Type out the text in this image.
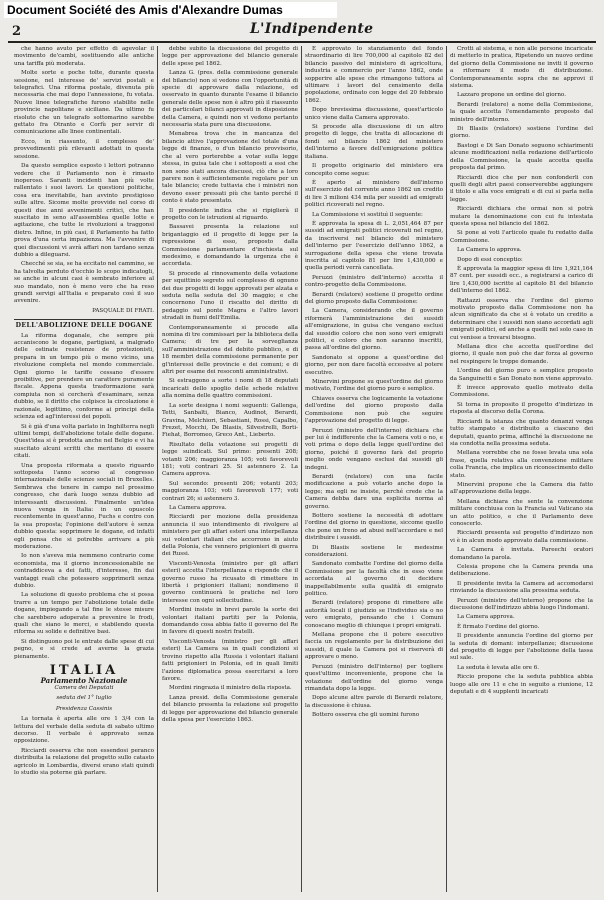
Document Société des Amis d'Alexandre Dumas
2	L'Indipendente

che hanno avuto per effetto di agevolar il movimento de'cambi, sostituendo alle antiche una tariffa più moderata.

Molte sorte e poche tolte, durante questa sessione, nel interesse de' servizi postali e telegrafici. Una riforma postale, divenuta più necessaria che mai dopo l'annessione, fu votata. Nuove linee telegrafiche furono stabilite nelle provincie napolitane e siciliane. Da ultimo fu risoluto che un telegrafo sottomarino sarebbe gettato fra Otranto e Corfù per servir di comunicazione alle linee continentali.

Ecco, in riassunto, il complesso de' provvedimenti più rilevanti adottati in questa sessione.

Da questo semplice esposto i lettori potranno vedere che il Parlamento non è rimasto inoperoso. Saranti incidenti han più volte rallentato i suoi lavori. Le questioni politiche, cosa era inevitabile, han avvinto prestigioso sulle altre. Sicome molte provvide nel corso di questi due anni avvenimenti critici, che han suscitato in seno all'assemblea quelle lotte e agitazione, che tutte le rivoluzioni a traggonsi dietro. Infine, in più casi, il Parlamento ha fatto prova d'una certa impazienza. Ma l'avvenire di quei discussioni vi avrà affari non tardano senza dubbio a dileguarsi.

Checché se sia, se ha eccitato nel cammino, se ha talvolta perduto d'occhio lo scopo indicatogli, se anche in alcuni casi è sembrato inferiore al suo mandato, non è meno vero che ha reso grandi servigi all'Italia e preparato così il suo avvenire.

PASQUALE DI FRATI.
DELL'ABOLIZIONE DELLE DOGANE

La riforma doganale, che sempre più accaniscono le dogane, partigiani, a malgrado delle ostinate resistenze de protezionisti, prepara in un tempo più o meno vicino, una rivoluzione completa nel mondo commerciale. Ogni giorno le tariffe cessano d'essere proibitive, per prendere un carattere puramente fiscale. Appena questa trasformazione sarà compiuta non si cercherà d'esaminare, senza dubbio, se il diritto che colpisce la circolazione è razionale, legittimo, conforme ai principi della scienza ed agl'interessi dei popoli.

Si è già d'una volta parlato in Inghilterra negli ultimi tempi, dell'abolizione totale delle dogane. Quest'idea si è prodotta anche nel Belgio e vi ha suscitato alcuni scritti che meritano di essere citati.

Una proposta riformata a questo riguardo sottoposta l'anno scorso al congresso internazionale delle scienze sociali in Bruxelles. Sembrava che tenere in campo nel prossimo congresso, che darà luogo senza dubbio ad interessanti discussioni. Finalmente un'idea nuova venga in Italia: in un opuscolo recentemente in quest'anno, Fuchs e contro con la sua proposta; l'opinione dell'autore è senza dubbio questa: sopprimere le dogane, ed infatti egli pensa che si potrebbe arrivare a più moderazione.

Io non s'aveva mia nemmeno contrario come economista, ma il giorno inconcessionabile ne contraddiceva a dei fatti, d'interesse, fin dai vantaggi reali che potessero sopprimerli senza dubbio.

La soluzione di questo problema che si possa trarre a un tempo per l'abolizione totale delle dogane, impiegando a tal fine le stesse misure che sarebbero adoperate a prevenire le frodi, quali che siano le merci, e stabilendo questa riforma su solide e definitive basi.

Si distinguono poi le entrate dalle spese di cui pegno, e si crede ad averne la grazia pienamente.

ITALIA
Parlamento Nazionale
Camera dei Deputati
seduta del 1° luglio
Presidenza Cassinis

La tornata è aperta alle ore 1 3/4 con la lettura del verbale della seduta di sabato ultimo decorso. Il verbale è approvato senza opposizione.

Ricciardi osserva che non essendosi peranco distribuita la relazione del progetto sullo catasto agricolo in Lombardia, diversi erano stati quindi lo studio sia poterne già parlare.

debbe subito la discussione del progetto di legge per approvazione del bilancio generale delle spese pel 1862.

Lanza G. (pres. della commissione generale del bilancio) non si vedono con l'opportunità di specie di approvare dalla relazione, ed osservato in quanto durante l'esame il bilancio generale delle spese non è altro più il riassunto dei particolari bilanci approvati in disposizione della Camera, e quindi non vi vedono pertanto necessaria stata pure una discussione.

Menabrea trova che in mancanza del bilancio attivo l'approvazione del totale d'una legge di finanze, o d'un bilancio provvisorio, che al vero porterebbe a votar sulla legge stessa, in guisa tale che i sottoposti a essi che non sono stati ancora discussi, ciò che a loro parere non è sufficientemente regolare per un tale bilancio; crede tuttavia che i ministri non devono esser pressati più che tanto perché il conto è stato presentato.

Il presidente indica che si ripiglierà il progetto con le istruzioni al riguardo.

Bassavei presenta la relazione sul brigantaggio ed il progetto di legge per la repressione di esso, proposto dalla Commissione parlamentare d'inchiesta sul medesimo, e domandando la urgenza che è accordata.

Si procede al rinnovamento della votazione per squittinio segreto sul complesso di ognuno dei due progetti di legge approvati per alzata e seduta nella seduta del 30 maggio; e che concernono l'uno il riscatto del diritto di pedaggio sul ponte Magra e l'altro lavori stradali in fiumi dell'Emilia.

Contemporaneamente si procede alla nomina di tre commissari per la biblioteca della Camera; di tre per la sorveglianza sull'amministrazione del debito pubblico, e di 18 membri della commissione permanente per gl'interessi delle provincie e dei comuni; e di altri per esame dei resoconti amministrativi.

Si estraggono a sorte i nomi di 18 deputati incaricati dello spoglio delle schede relative alla nomina delle quattro commissioni.

La sorte designa i nomi seguenti: Gallenga, Tetti, Sanbalti, Bianco, Audinot, Berardi, Gravina, Melchiori, Sebastiani, Rossi, Capalbo, Frezet, Mocchi, De Blasiis, Silvestrelli, Borti-Fiehat, Borromeo, Greco Ant., Lieberto.

Risultato della votazione sui progetti di legge suindicati. Sul primo: presenti 208; votanti 206; maggioranza 105; voti favorevoli 181; voti contrari 25. Si astennero 2. La Camera approva.

Sul secondo: presenti 206; votanti 203; maggioranza 103; voti favorevoli 177; voti contrari 26; si astennero 3.

La Camera approva.

Ricciardi per mozione della presidenza annuncia il suo intendimento di rivolgere al ministero per gli affari esteri una interpellanza sui volontari italiani che accorrono in aiuto della Polonia, che vennero prigionieri di guerra dei Russi.

Visconti-Venosta (ministro per gli affari esteri) accetta l'interpellanza e risponde che il governo russo ha ricusato di rimettere in libertà i prigionieri italiani; nondimeno il governo continuerà le pratiche nel loro interesse con ogni sollecitudine.

Mordini insiste in brevi parole la sorte dei volontari italiani partiti per la Polonia, domandando cosa abbia fatto il governo del Re in favore di questi nostri fratelli.

Visconti-Venosta (ministro per gli affari esteri) La Camera sa in quali condizioni si trovino rispetto alla Russia i volontari italiani fatti prigionieri in Polonia, ed in quali limiti l'azione diplomatica possa esercitarsi a loro favore.

Mordini ringrazia il ministro della risposta.

Lanza presid. della Commissione generale del bilancio presenta la relazione sul progetto di legge per approvazione del bilancio generale della spesa per l'esercizio 1863.

È approvato lo stanziamento del fondo straordinario di lire 700,000 al capitolo 82 del bilancio passivo del ministero di agricoltura, industria e commercio per l'anno 1862, onde sopperire alle spese che rimangono tuttora al ultimare i lavori del censimento della popolazione, ordinato con legge del 20 febbraio 1862.

Dopo brevissima discussione, quest'articolo unico viene dalla Camera approvato.

Si procede alla discussione di un altro progetto di legge, che tratta di allocazione di fondi sul bilancio 1862 del ministero dell'interno a favore dell'emigrazione politica italiana.

Il progetto originario del ministero era concepito come segue:

È aperto al ministero dell'interno sull'esercizio del corrente anno 1862 un credito di lire 3 milioni 434 mila per sussidi ad emigrati politici ricoverati nel regno.

La Commissione vi sostituì il seguente:

È approvata la spesa di L. 2,051,464 87 per sussidi ad emigrati politici ricoverati nel regno, da inscriversi nel bilancio del ministero dell'interno per l'esercizio dell'anno 1862, a surrogazione della spesa che viene trovata inscritta al capitolo 81 per lire 1,430,000 e quella periodi verrà cancellata.

Peruzzi (ministro dell'interno) accetta il contro-progetto della Commissione.

Berardi (relatore) sostiene il progetto ordine del giorno proposto dalla Commissione:

La Camera, considerando che il governo riformerà l'amministrazione dei sussidi all'emigrazione, in guisa che vengano esclusi dal sussidio coloro che non sono veri emigrati politici, e coloro che non saranno inscritti, passa all'ordine del giorno.

Sandonato si oppone a quest'ordine del giorno, per non dare facoltà eccessive al potere esecutivo.

Minervini propone su quest'ordine del giorno motivato, l'ordine del giorno puro e semplice.

Chiaves osserva che logicamente la votazione dell'ordine del giorno proposto dalla Commissione non può che seguire l'approvazione del progetto di legge.

Peruzzi (ministro dell'interno) dichiara che per lui è indifferente che la Camera voti o no, e voti prima o dopo della legge quell'ordine del giorno, poiché il governo farà del proprio meglio onde vengano esclusi dai sussidi gli indegni.

Berardi (relatore) con una facile modificazione a può votarlo anche dopo la legge; ma egli ne insiste, perché crede che la Camera debba dare una esplicita norma al governo.

Bottero sostiene la necessità di adottare l'ordine del giorno in questione, siccome quello che pone un freno ad abusi nell'accordare e nel distribuire i sussidi.

Di Blasiis sostiene le medesime considerazioni.

Sandonato combatte l'ordine del giorno della Commissione per la facoltà che in esso viene accordata al governo di decidere inappellabilmente sulla qualità di emigrato politico.

Berardi (relatore) propone di rimettere alle autorità locali il giudizio se l'individuo sia o no vero emigrato, pensando che i Comuni conoscano meglio di chiunque i propri emigrati.

Mellana propone che il potere esecutivo faccia un regolamento per la distribuzione dei sussidi, il quale la Camera poi si riserverà di approvare o meno.

Peruzzi (ministro dell'interno) per togliere quest'ultimo inconveniente, propone che la votazione dell'ordine del giorno venga rimandata dopo la legge.

Dopo alcune altre parole di Berardi relatore, la discussione è chiusa.

Bottero osserva che gli uomini furono

Crotti al sistema, e non alle persone incaricate di metterlo in pratica, Ripetendo un nuovo ordine del giorno della Commissione ne inviti il governo a riformare il modo di distribuzione. Contemporaneamente sopra che ne approvi il sistema.

Lazzaro propone un ordine del giorno.

Berardi (relatore) a nome della Commissione, la quale accetta l'emendamento proposto dal ministro dell'interno.

Di Blasiis (relatore) sostiene l'ordine del giorno.

Bastogi e Di San Donato seguono schiarimenti alcune modificazioni nella redazione dell'articolo della Commissione, la quale accetta quella proposta dal primo.

Ricciardi dice che per non confonderli con quelli degli altri paesi conserverebbe aggiungere il titolo e alla voce emigrati e di cui si parla nella legge.

Ricciardi dichiara che ormai non si potrà mutare la denominazione con cui fu intestata questa spesa nel bilancio del 1862.

Si pone ai voti l'articolo quale fu redatto dalla Commissione.

La Camera lo approva.

Dopo di essi conceptio:

È approvata la maggior spesa di lire 1,921,164 87 cent. per sussidi ecc., a registrarsi a carico di lire 1,430,000 iscritte al capitolo 81 del bilancio dell'interno del 1862.

Rattazzi osserva che l'ordine del giorno motivato proposto dalla Commissione non ha alcun significato da che si è votato un credito a determinare che i sussidi non siano accordati agli emigrati politici, ed anche a quelli nel solo caso in cui venisse a trovarsi bisogno.

Mellana dice che accetta quell'ordine del giorno, il quale non può che dar forza al governo nel respingere le troppe domande.

L'ordine del giorno puro e semplice proposto da Sanguinetti e San Donato non viene approvato.

È invece approvato quello motivato della Commissione.

Si torna in proposito il progetto d'indirizzo in risposta al discorso della Corona.

Ricciardi fa istanza che quanto denanzi venga tutto stampato e distribuito a ciascuno dei deputati, quanto prima, affinché la discussione ne sia condotta nella prossima seduta.

Mellana vorrebbe che ne fosse levata una sola frase, quella relativa alla convenzione militare colla Francia, che implica un riconoscimento dello stato.

Minervini propone che la Camera dia fatto all'approvazione della legge.

Mellana dichiara che sente la convenzione militare conchiusa con la Francia sul Vaticano sia un atto politico, e che il Parlamento deve conoscerlo.

Ricciardi presenta sul progetto d'indirizzo non vi è in alcun modo approvato dalla commissione.

La Camera è invitata. Pareechi oratori domandano la parola.

Celesia propone che la Camera prenda una deliberazione.

Il presidente invita la Camera ad accomodarsi rinviando la discussione alla prossima seduta.

Peruzzi (ministro dell'interno) propone che la discussione dell'indirizzo abbia luogo l'indomani.

La Camera approva.

È firmato l'ordine del giorno.

Il presidente annuncia l'ordine del giorno per la seduta di domani: interpellanze; discussione del progetto di legge per l'abolizione della tassa sul sale.

La seduta è levata alle ore 6.

Riccio propone che la seduta pubblica abbia luogo alle ore 11 e che in seguito a riunione, 12 deputati e di 4 supplenti incaricati
